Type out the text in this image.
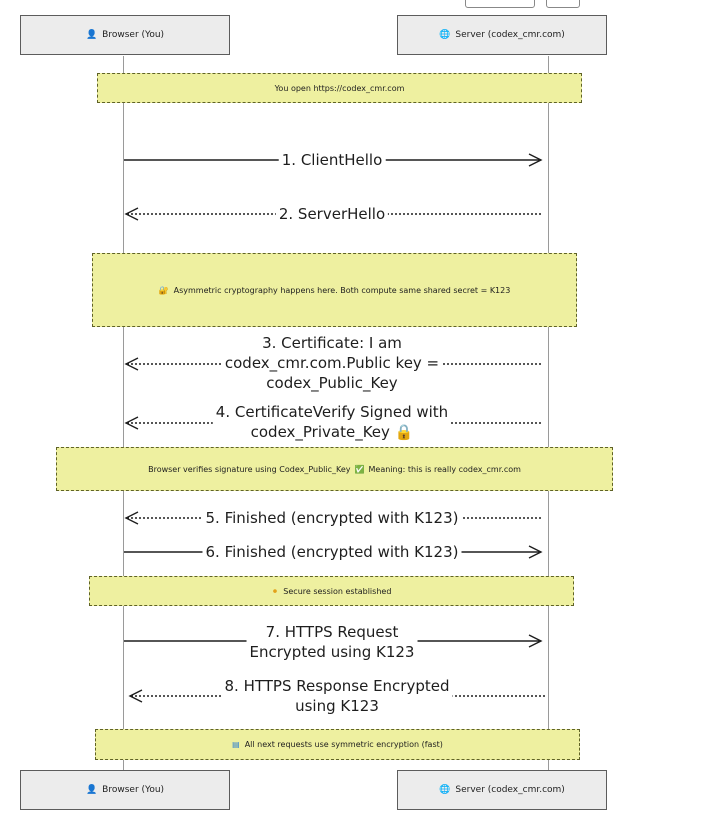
👤 Browser (You)	🌐 Server (codex_cmr.com)
👤 Browser (You)	🌐 Server (codex_cmr.com)
You open https://codex_cmr.com
🔐 Asymmetric cryptography happens here. Both compute same shared secret = K123
Browser verifies signature using Codex_Public_Key ✅ Meaning: this is really codex_cmr.com
⚫ Secure session established
▤ All next requests use symmetric encryption (fast)
1. ClientHello
2. ServerHello
3. Certificate: I am
codex_cmr.com.Public key =
codex_Public_Key
4. CertificateVerify Signed with
codex_Private_Key 🔒
5. Finished (encrypted with K123)
6. Finished (encrypted with K123)
7. HTTPS Request
Encrypted using K123
8. HTTPS Response Encrypted
using K123
